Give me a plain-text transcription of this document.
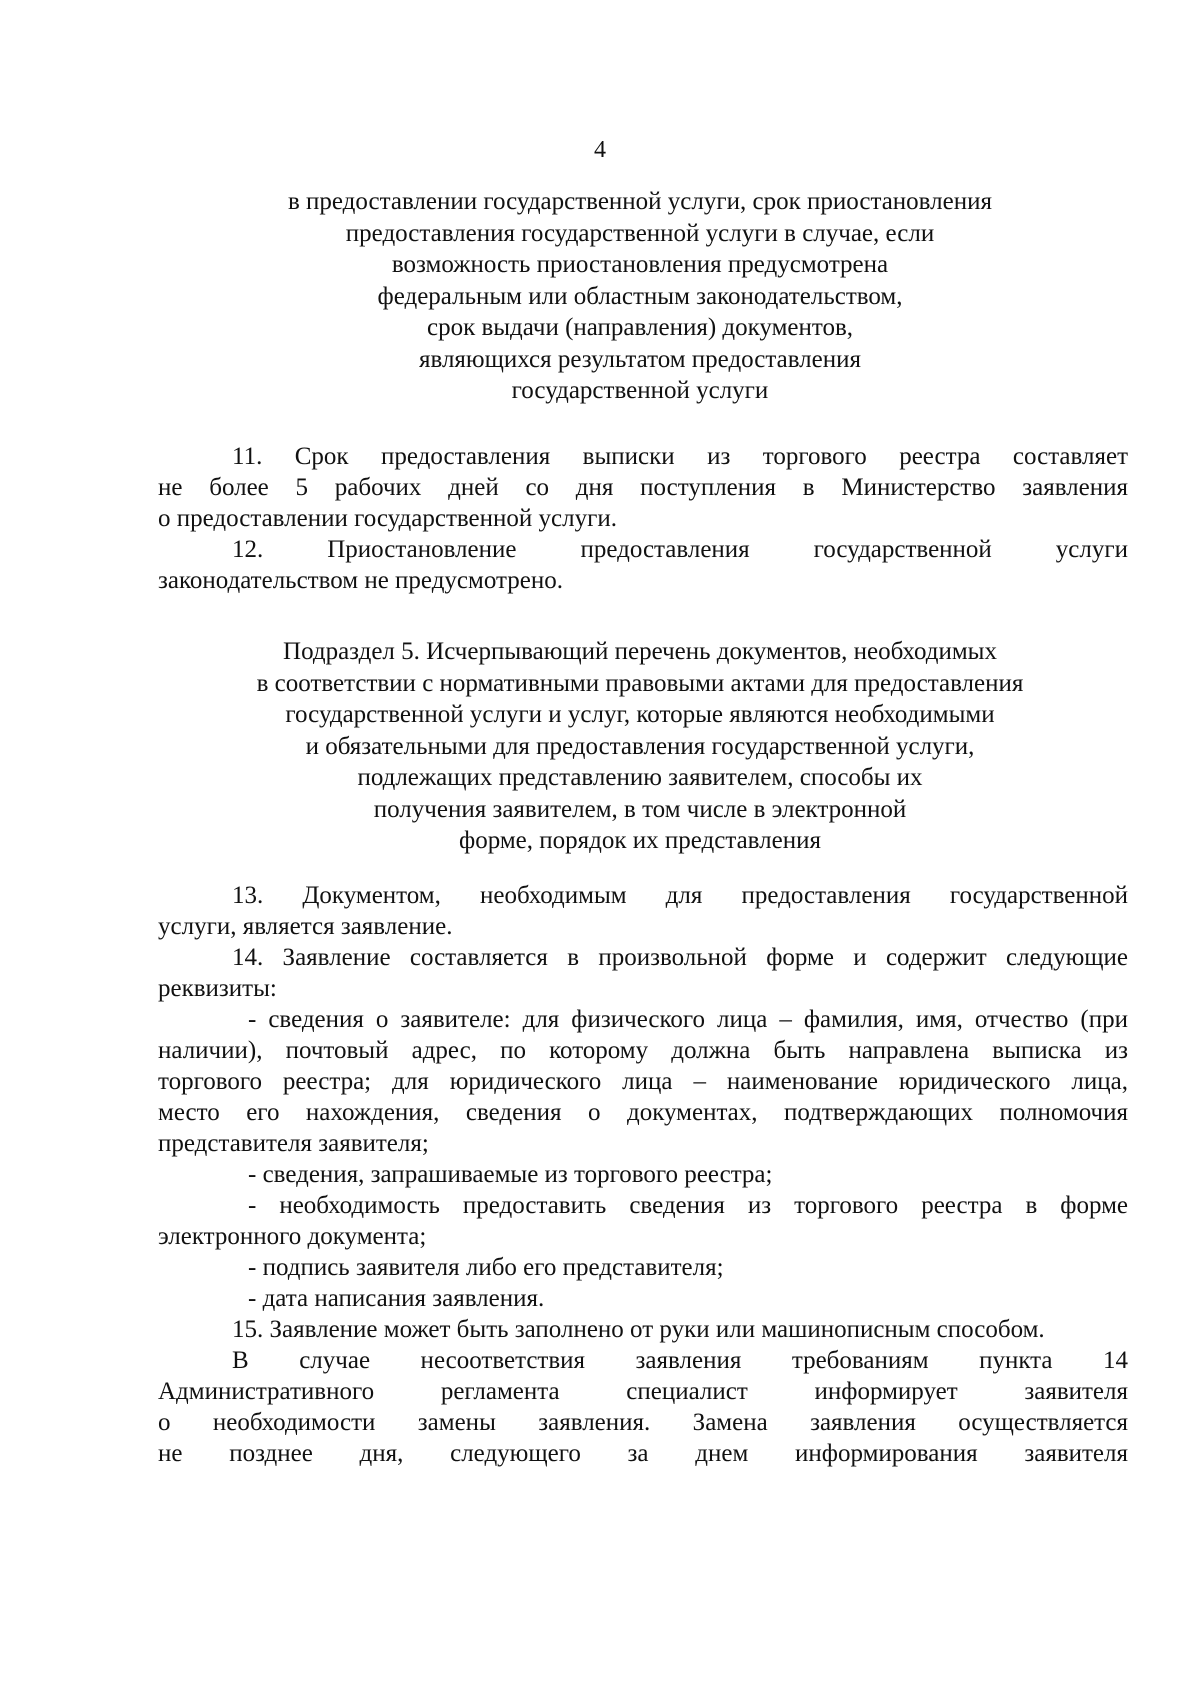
4
в предоставлении государственной услуги, срок приостановления
предоставления государственной услуги в случае, если
возможность приостановления предусмотрена
федеральным или областным законодательством,
срок выдачи (направления) документов,
являющихся результатом предоставления
государственной услуги
11. Срок предоставления выписки из торгового реестра составляет
не более 5 рабочих дней со дня поступления в Министерство заявления
о предоставлении государственной услуги.
12. Приостановление предоставления государственной услуги
законодательством не предусмотрено.
Подраздел 5. Исчерпывающий перечень документов, необходимых
в соответствии с нормативными правовыми актами для предоставления
государственной услуги и услуг, которые являются необходимыми
и обязательными для предоставления государственной услуги,
подлежащих представлению заявителем, способы их
получения заявителем, в том числе в электронной
форме, порядок их представления
13. Документом, необходимым для предоставления государственной
услуги, является заявление.
14. Заявление составляется в произвольной форме и содержит следующие
реквизиты:
- сведения о заявителе: для физического лица – фамилия, имя, отчество (при
наличии), почтовый адрес, по которому должна быть направлена выписка из
торгового реестра; для юридического лица – наименование юридического лица,
место его нахождения, сведения о документах, подтверждающих полномочия
представителя заявителя;
- сведения, запрашиваемые из торгового реестра;
- необходимость предоставить сведения из торгового реестра в форме
электронного документа;
- подпись заявителя либо его представителя;
- дата написания заявления.
15. Заявление может быть заполнено от руки или машинописным способом.
В случае несоответствия заявления требованиям пункта 14
Административного регламента специалист информирует заявителя
о необходимости замены заявления. Замена заявления осуществляется
не позднее дня, следующего за днем информирования заявителя
